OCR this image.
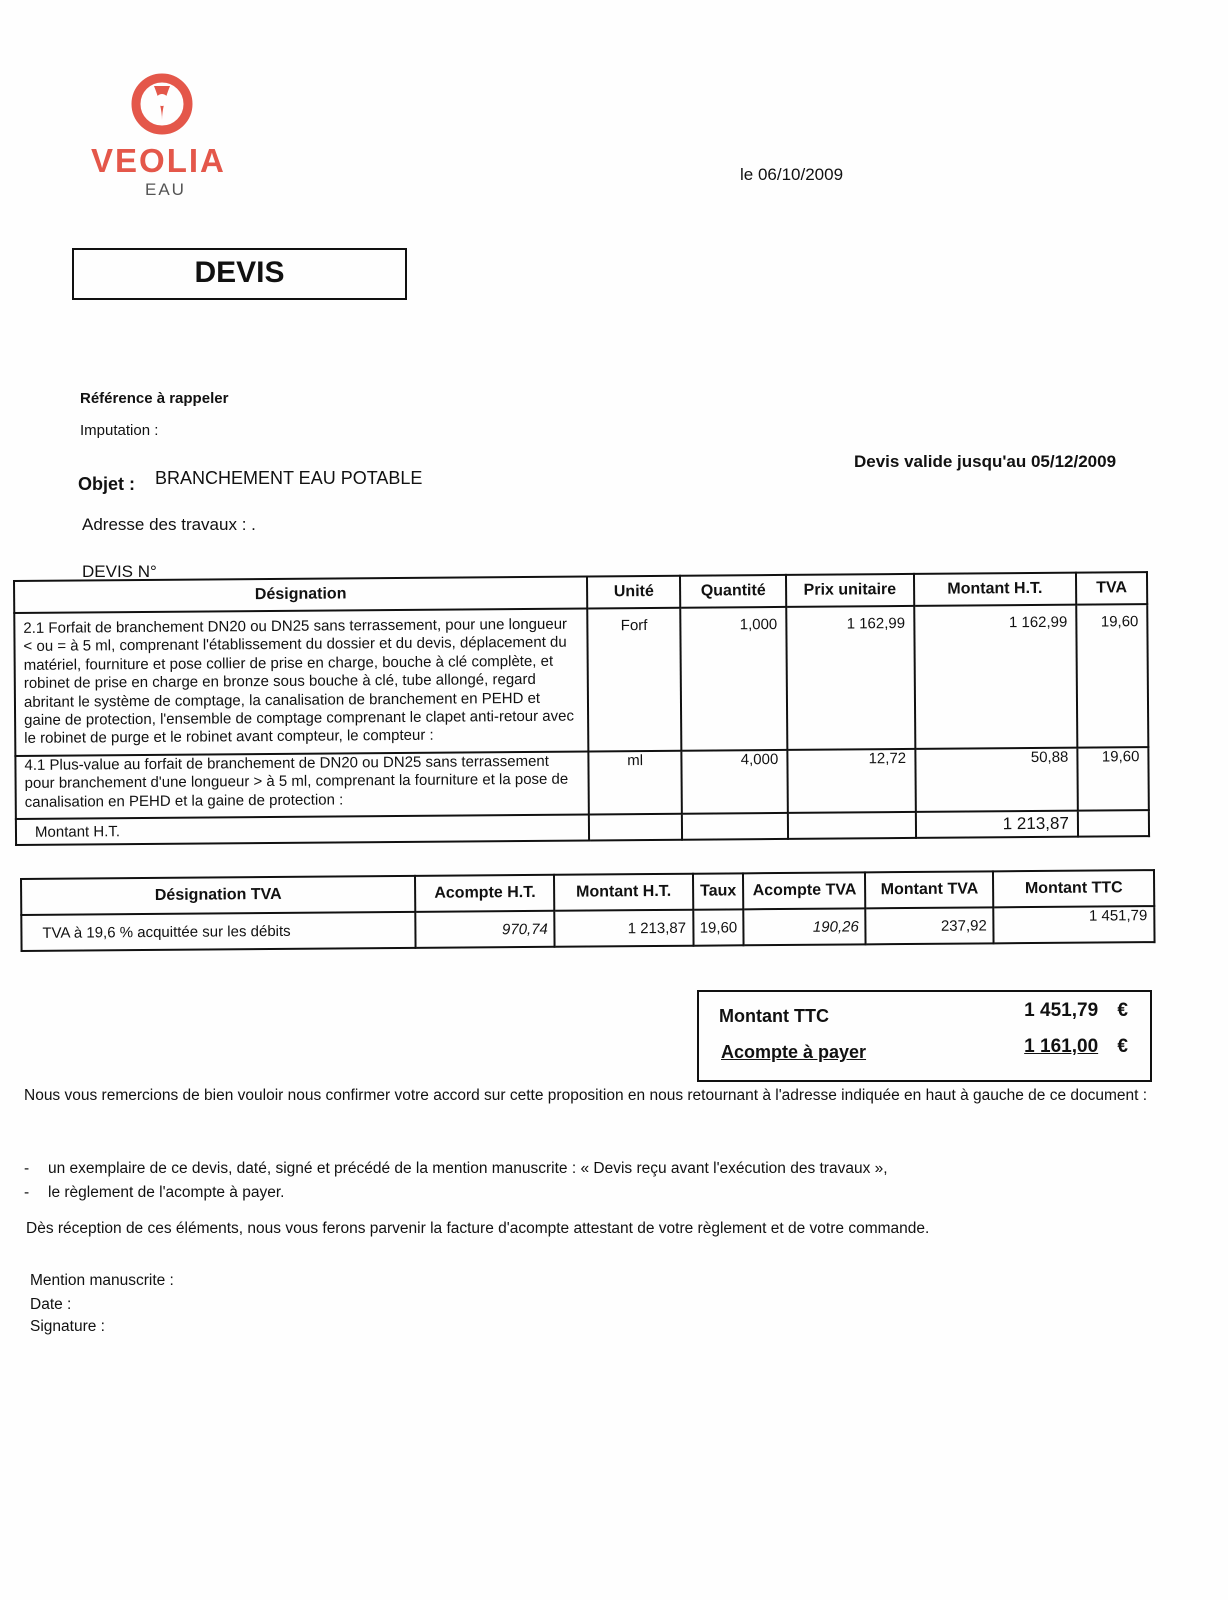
VEOLIA
EAU
le 06/10/2009
DEVIS
Référence à rappeler
Imputation :
Objet : BRANCHEMENT EAU POTABLE
Devis valide jusqu'au 05/12/2009
Adresse des travaux : .
DEVIS N°
Désignation	Unité	Quantité	Prix unitaire	Montant H.T.	TVA
2.1 Forfait de branchement DN20 ou DN25 sans terrassement, pour une longueur < ou = à 5 ml, comprenant l'établissement du dossier et du devis, déplacement du matériel, fourniture et pose collier de prise en charge, bouche à clé complète, et robinet de prise en charge en bronze sous bouche à clé, tube allongé, regard abritant le système de comptage, la canalisation de branchement en PEHD et gaine de protection, l'ensemble de comptage comprenant le clapet anti-retour avec le robinet de purge et le robinet avant compteur, le compteur :	Forf	1,000	1 162,99	1 162,99	19,60
4.1 Plus-value au forfait de branchement de DN20 ou DN25 sans terrassement pour branchement d'une longueur > à 5 ml, comprenant la fourniture et la pose de canalisation en PEHD et la gaine de protection :	ml	4,000	12,72	50,88	19,60
Montant H.T.				1 213,87	
Désignation TVA	Acompte H.T.	Montant H.T.	Taux	Acompte TVA	Montant TVA	Montant TTC
TVA à 19,6 % acquittée sur les débits	970,74	1 213,87	19,60	190,26	237,92	1 451,79
Montant TTC	1 451,79 €
Acompte à payer	1 161,00 €
Nous vous remercions de bien vouloir nous confirmer votre accord sur cette proposition en nous retournant à l'adresse indiquée en haut à gauche de ce document :
- un exemplaire de ce devis, daté, signé et précédé de la mention manuscrite : « Devis reçu avant l'exécution des travaux »,
- le règlement de l'acompte à payer.
Dès réception de ces éléments, nous vous ferons parvenir la facture d'acompte attestant de votre règlement et de votre commande.
Mention manuscrite :
Date :
Signature :
